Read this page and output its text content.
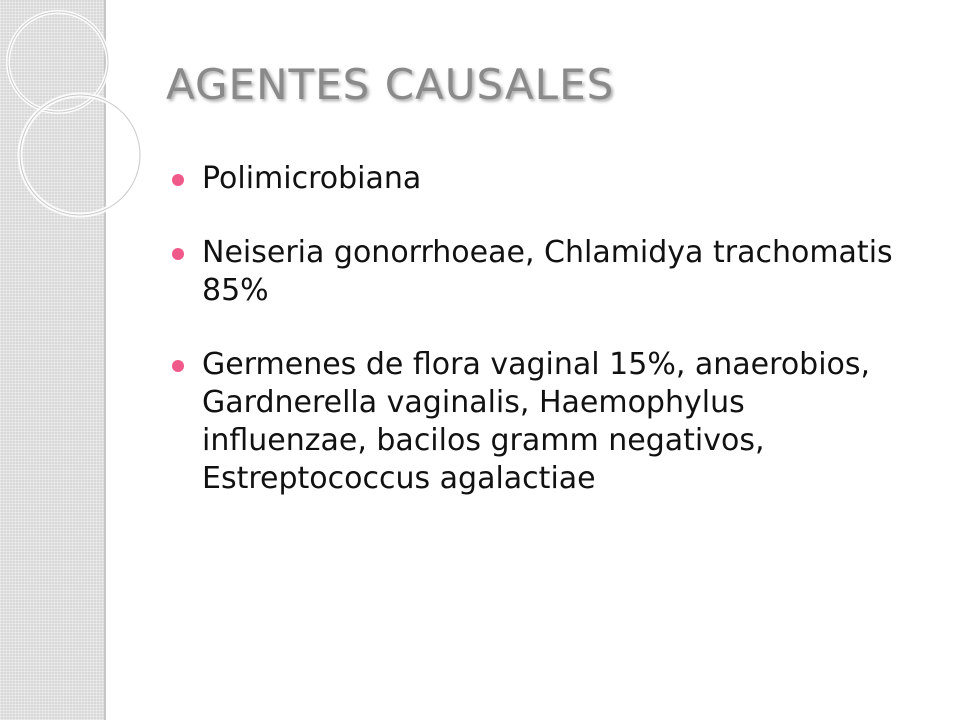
AGENTES CAUSALES
Polimicrobiana
Neiseria gonorrhoeae, Chlamidya trachomatis 85%
Germenes de flora vaginal 15%, anaerobios, Gardnerella vaginalis, Haemophylus influenzae, bacilos gramm negativos, Estreptococcus agalactiae
